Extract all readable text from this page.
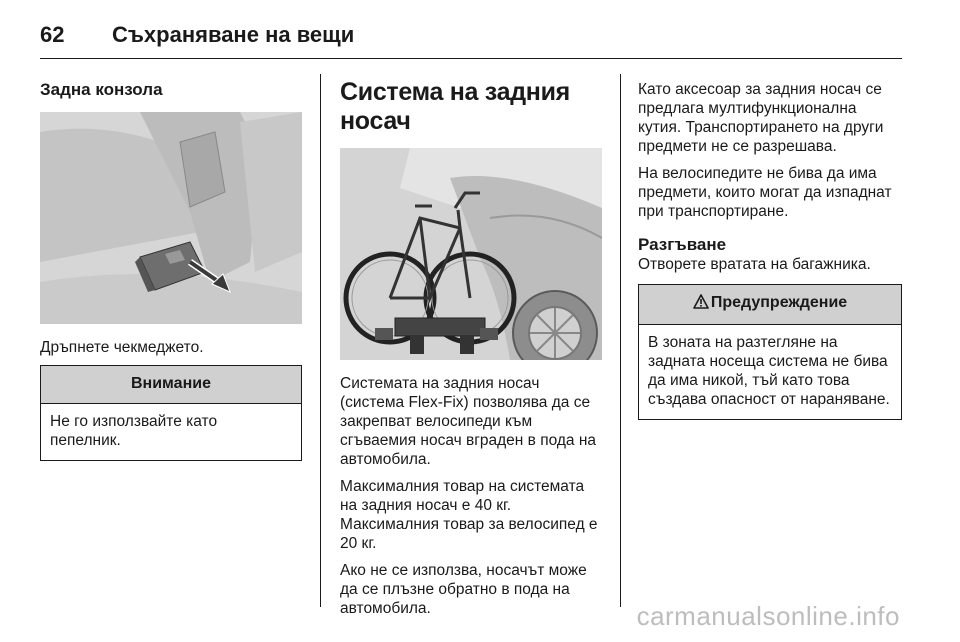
62	Съхраняване на вещи
Задна конзола

Дръпнете чекмеджето.

Внимание

Не го използвайте като пепелник.

Система на задния носач

Системата на задния носач (система Flex-Fix) позволява да се закрепват велосипеди към сгъваемия носач вграден в пода на автомобила.

Максималния товар на системата на задния носач е 40 кг. Максималния товар за велосипед е 20 кг.

Ако не се използва, носачът може да се плъзне обратно в пода на автомобила.

Като аксесоар за задния носач се предлага мултифункционална кутия. Транспортирането на други предмети не се разрешава.

На велосипедите не бива да има предмети, които могат да изпаднат при транспортиране.

Разгъване

Отворете вратата на багажника.

Предупреждение

В зоната на разтегляне на задната носеща система не бива да има никой, тъй като това създава опасност от нараняване.

carmanualsonline.info
